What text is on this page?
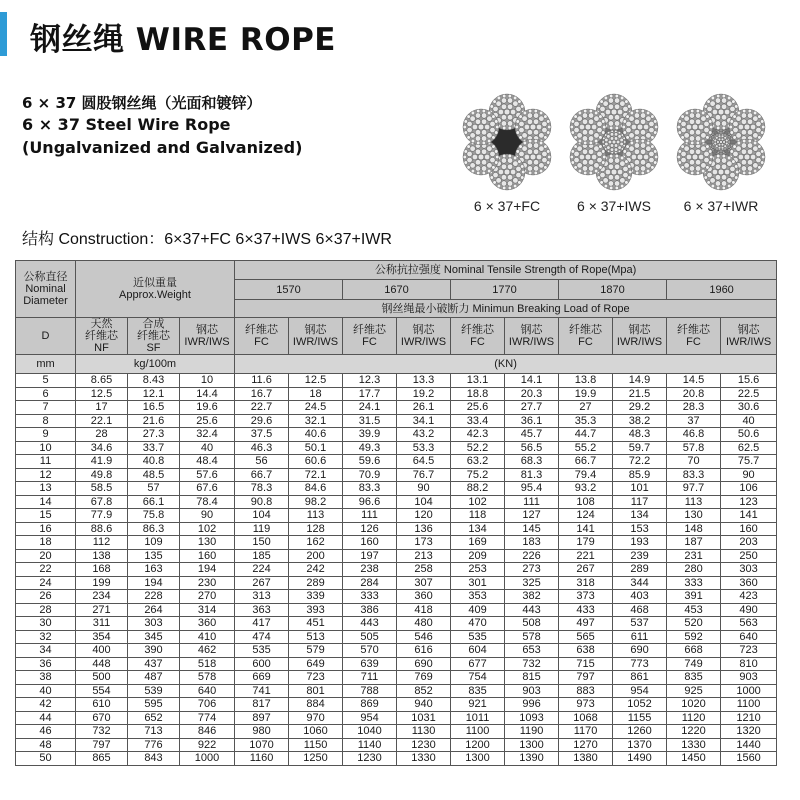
钢丝绳 WIRE ROPE
6 × 37 圆股钢丝绳（光面和镀锌）
6 × 37 Steel Wire Rope
(Ungalvanized and Galvanized)
6 × 37+FC	6 × 37+IWS	6 × 37+IWR
结构 Construction：6×37+FC 6×37+IWS 6×37+IWR
公称直径
Nominal
Diameter	近似重量
Approx.Weight			公称抗拉强度 Nominal Tensile Strength of Rope(Mpa)									
				1570		1670		1770		1870		1960	
				钢丝绳最小破断力 Minimun Breaking Load of Rope									
D	天然
纤维芯
NF	合成
纤维芯
SF	钢芯
IWR/IWS	纤维芯
FC	钢芯
IWR/IWS	纤维芯
FC	钢芯
IWR/IWS	纤维芯
FC	钢芯
IWR/IWS	纤维芯
FC	钢芯
IWR/IWS	纤维芯
FC	钢芯
IWR/IWS
mm	kg/100m			(KN)									
5	8.65	8.43	10	11.6	12.5	12.3	13.3	13.1	14.1	13.8	14.9	14.5	15.6
6	12.5	12.1	14.4	16.7	18	17.7	19.2	18.8	20.3	19.9	21.5	20.8	22.5
7	17	16.5	19.6	22.7	24.5	24.1	26.1	25.6	27.7	27	29.2	28.3	30.6
8	22.1	21.6	25.6	29.6	32.1	31.5	34.1	33.4	36.1	35.3	38.2	37	40
9	28	27.3	32.4	37.5	40.6	39.9	43.2	42.3	45.7	44.7	48.3	46.8	50.6
10	34.6	33.7	40	46.3	50.1	49.3	53.3	52.2	56.5	55.2	59.7	57.8	62.5
11	41.9	40.8	48.4	56	60.6	59.6	64.5	63.2	68.3	66.7	72.2	70	75.7
12	49.8	48.5	57.6	66.7	72.1	70.9	76.7	75.2	81.3	79.4	85.9	83.3	90
13	58.5	57	67.6	78.3	84.6	83.3	90	88.2	95.4	93.2	101	97.7	106
14	67.8	66.1	78.4	90.8	98.2	96.6	104	102	111	108	117	113	123
15	77.9	75.8	90	104	113	111	120	118	127	124	134	130	141
16	88.6	86.3	102	119	128	126	136	134	145	141	153	148	160
18	112	109	130	150	162	160	173	169	183	179	193	187	203
20	138	135	160	185	200	197	213	209	226	221	239	231	250
22	168	163	194	224	242	238	258	253	273	267	289	280	303
24	199	194	230	267	289	284	307	301	325	318	344	333	360
26	234	228	270	313	339	333	360	353	382	373	403	391	423
28	271	264	314	363	393	386	418	409	443	433	468	453	490
30	311	303	360	417	451	443	480	470	508	497	537	520	563
32	354	345	410	474	513	505	546	535	578	565	611	592	640
34	400	390	462	535	579	570	616	604	653	638	690	668	723
36	448	437	518	600	649	639	690	677	732	715	773	749	810
38	500	487	578	669	723	711	769	754	815	797	861	835	903
40	554	539	640	741	801	788	852	835	903	883	954	925	1000
42	610	595	706	817	884	869	940	921	996	973	1052	1020	1100
44	670	652	774	897	970	954	1031	1011	1093	1068	1155	1120	1210
46	732	713	846	980	1060	1040	1130	1100	1190	1170	1260	1220	1320
48	797	776	922	1070	1150	1140	1230	1200	1300	1270	1370	1330	1440
50	865	843	1000	1160	1250	1230	1330	1300	1390	1380	1490	1450	1560
